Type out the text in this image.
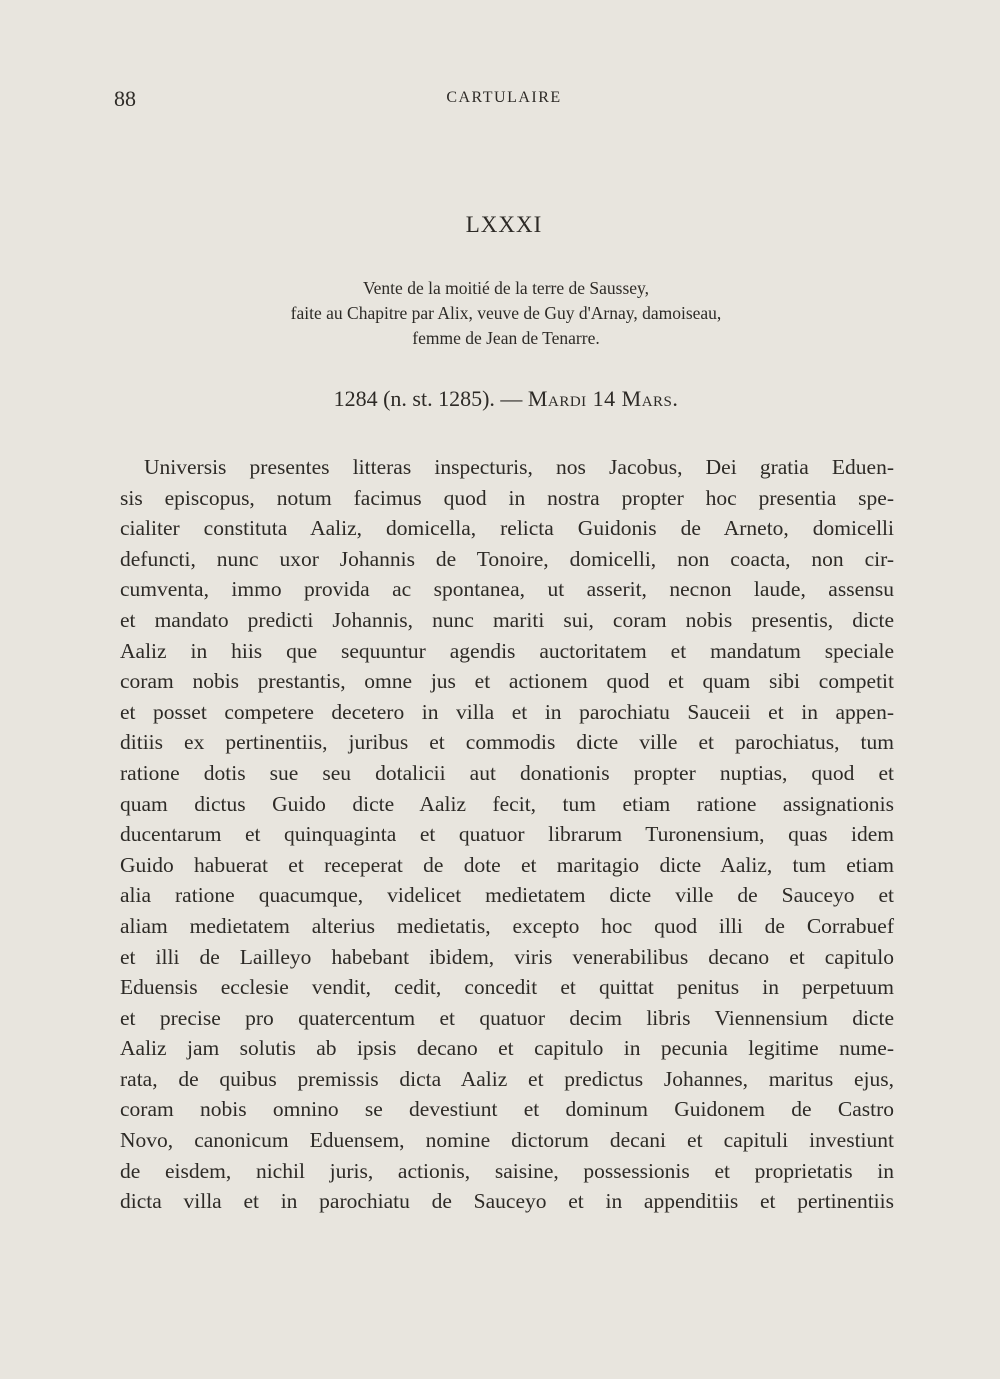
88	CARTULAIRE
LXXXI
Vente de la moitié de la terre de Saussey,
faite au Chapitre par Alix, veuve de Guy d'Arnay, damoiseau,
femme de Jean de Tenarre.
1284 (n. st. 1285). — Mardi 14 Mars.
Universis presentes litteras inspecturis, nos Jacobus, Dei gratia Eduen-
sis episcopus, notum facimus quod in nostra propter hoc presentia spe-
cialiter constituta Aaliz, domicella, relicta Guidonis de Arneto, domicelli
defuncti, nunc uxor Johannis de Tonoire, domicelli, non coacta, non cir-
cumventa, immo provida ac spontanea, ut asserit, necnon laude, assensu
et mandato predicti Johannis, nunc mariti sui, coram nobis presentis, dicte
Aaliz in hiis que sequuntur agendis auctoritatem et mandatum speciale
coram nobis prestantis, omne jus et actionem quod et quam sibi competit
et posset competere decetero in villa et in parochiatu Sauceii et in appen-
ditiis ex pertinentiis, juribus et commodis dicte ville et parochiatus, tum
ratione dotis sue seu dotalicii aut donationis propter nuptias, quod et
quam dictus Guido dicte Aaliz fecit, tum etiam ratione assignationis
ducentarum et quinquaginta et quatuor librarum Turonensium, quas idem
Guido habuerat et receperat de dote et maritagio dicte Aaliz, tum etiam
alia ratione quacumque, videlicet medietatem dicte ville de Sauceyo et
aliam medietatem alterius medietatis, excepto hoc quod illi de Corrabuef
et illi de Lailleyo habebant ibidem, viris venerabilibus decano et capitulo
Eduensis ecclesie vendit, cedit, concedit et quittat penitus in perpetuum
et precise pro quatercentum et quatuor decim libris Viennensium dicte
Aaliz jam solutis ab ipsis decano et capitulo in pecunia legitime nume-
rata, de quibus premissis dicta Aaliz et predictus Johannes, maritus ejus,
coram nobis omnino se devestiunt et dominum Guidonem de Castro
Novo, canonicum Eduensem, nomine dictorum decani et capituli investiunt
de eisdem, nichil juris, actionis, saisine, possessionis et proprietatis in
dicta villa et in parochiatu de Sauceyo et in appenditiis et pertinentiis
